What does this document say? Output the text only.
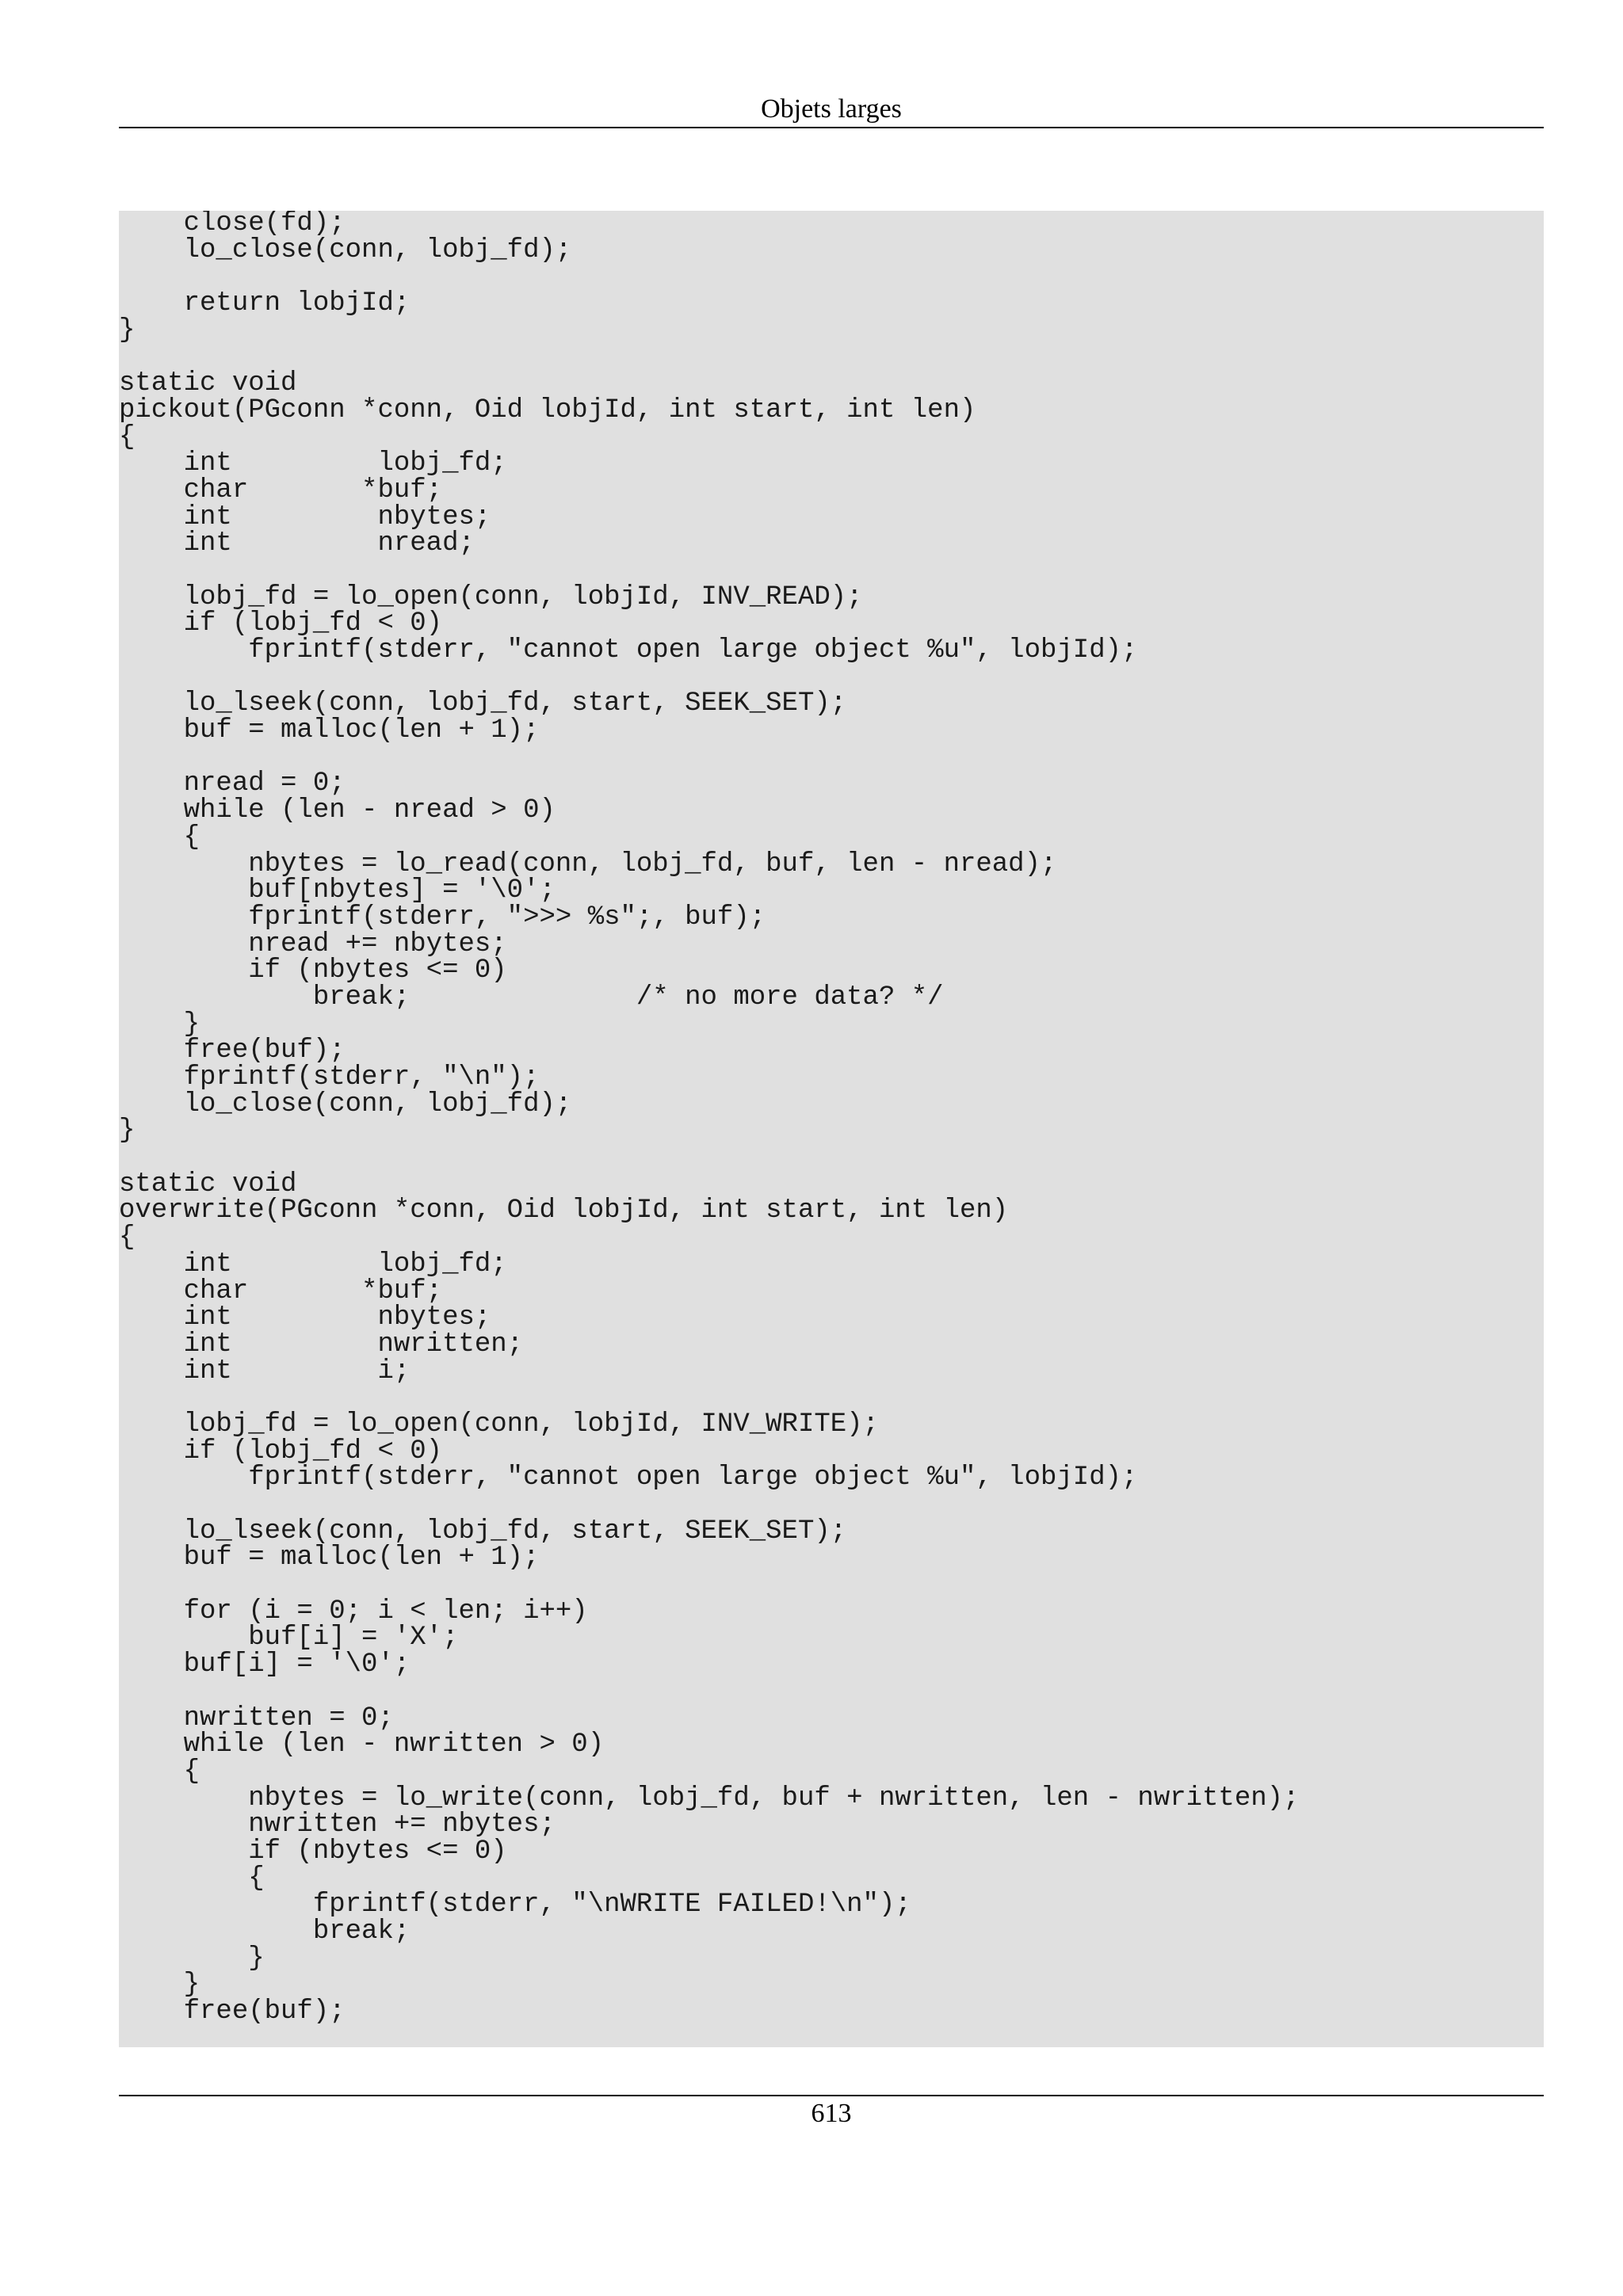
Objets larges
close(fd);
lo_close(conn, lobj_fd);
return lobjId;
}
static void
pickout(PGconn *conn, Oid lobjId, int start, int len)
{
int         lobj_fd;
char       *buf;
int         nbytes;
int         nread;
lobj_fd = lo_open(conn, lobjId, INV_READ);
if (lobj_fd < 0)
fprintf(stderr, "cannot open large object %u", lobjId);
lo_lseek(conn, lobj_fd, start, SEEK_SET);
buf = malloc(len + 1);
nread = 0;
while (len - nread > 0)
{
nbytes = lo_read(conn, lobj_fd, buf, len - nread);
buf[nbytes] = '\0';
fprintf(stderr, ">>> %s";, buf);
nread += nbytes;
if (nbytes <= 0)
break;              /* no more data? */
}
free(buf);
fprintf(stderr, "\n");
lo_close(conn, lobj_fd);
}
static void
overwrite(PGconn *conn, Oid lobjId, int start, int len)
{
int         lobj_fd;
char       *buf;
int         nbytes;
int         nwritten;
int         i;
lobj_fd = lo_open(conn, lobjId, INV_WRITE);
if (lobj_fd < 0)
fprintf(stderr, "cannot open large object %u", lobjId);
lo_lseek(conn, lobj_fd, start, SEEK_SET);
buf = malloc(len + 1);
for (i = 0; i < len; i++)
buf[i] = 'X';
buf[i] = '\0';
nwritten = 0;
while (len - nwritten > 0)
{
nbytes = lo_write(conn, lobj_fd, buf + nwritten, len - nwritten);
nwritten += nbytes;
if (nbytes <= 0)
{
fprintf(stderr, "\nWRITE FAILED!\n");
break;
}
}
free(buf);
613
